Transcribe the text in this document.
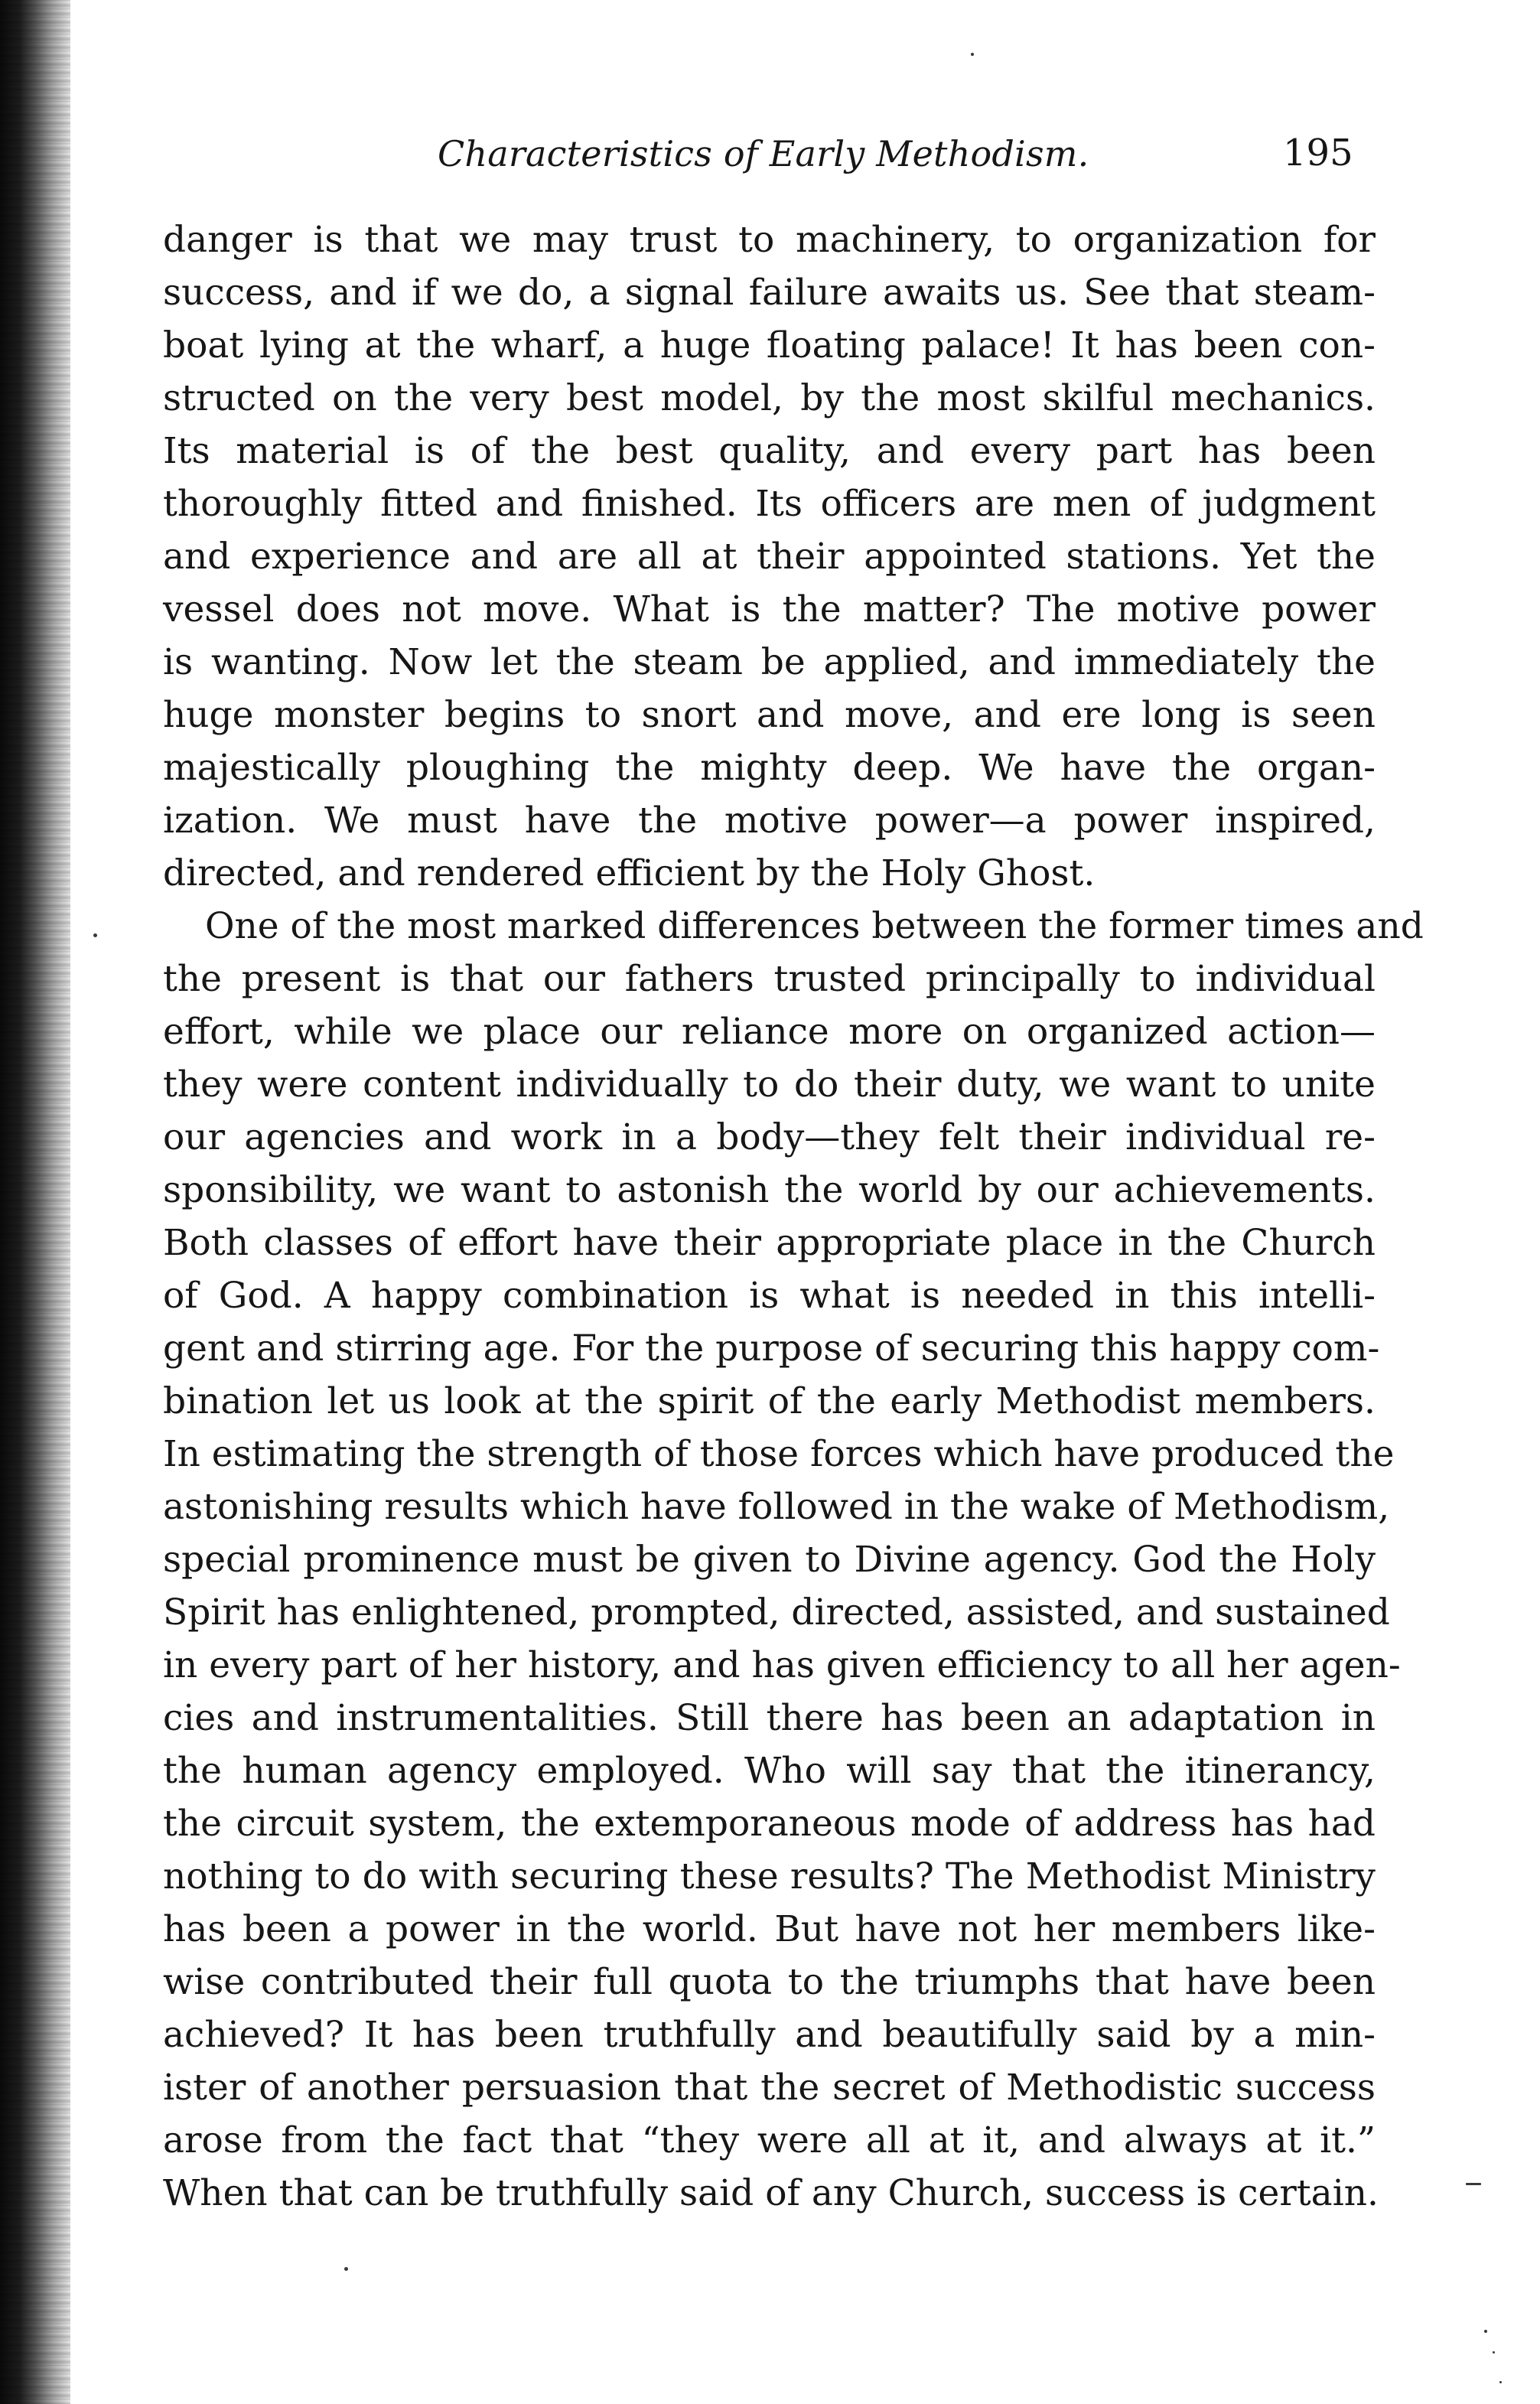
Characteristics of Early Methodism.	195
danger is that we may trust to machinery, to organization for
success, and if we do, a signal failure awaits us. See that steam-
boat lying at the wharf, a huge floating palace! It has been con-
structed on the very best model, by the most skilful mechanics.
Its material is of the best quality, and every part has been
thoroughly fitted and finished. Its officers are men of judgment
and experience and are all at their appointed stations. Yet the
vessel does not move. What is the matter? The motive power
is wanting. Now let the steam be applied, and immediately the
huge monster begins to snort and move, and ere long is seen
majestically ploughing the mighty deep. We have the organ-
ization. We must have the motive power—a power inspired,
directed, and rendered efficient by the Holy Ghost.
One of the most marked differences between the former times and
the present is that our fathers trusted principally to individual
effort, while we place our reliance more on organized action—
they were content individually to do their duty, we want to unite
our agencies and work in a body—they felt their individual re-
sponsibility, we want to astonish the world by our achievements.
Both classes of effort have their appropriate place in the Church
of God. A happy combination is what is needed in this intelli-
gent and stirring age. For the purpose of securing this happy com-
bination let us look at the spirit of the early Methodist members.
In estimating the strength of those forces which have produced the
astonishing results which have followed in the wake of Methodism,
special prominence must be given to Divine agency. God the Holy
Spirit has enlightened, prompted, directed, assisted, and sustained
in every part of her history, and has given efficiency to all her agen-
cies and instrumentalities. Still there has been an adaptation in
the human agency employed. Who will say that the itinerancy,
the circuit system, the extemporaneous mode of address has had
nothing to do with securing these results? The Methodist Ministry
has been a power in the world. But have not her members like-
wise contributed their full quota to the triumphs that have been
achieved? It has been truthfully and beautifully said by a min-
ister of another persuasion that the secret of Methodistic success
arose from the fact that “they were all at it, and always at it.”
When that can be truthfully said of any Church, success is certain.
